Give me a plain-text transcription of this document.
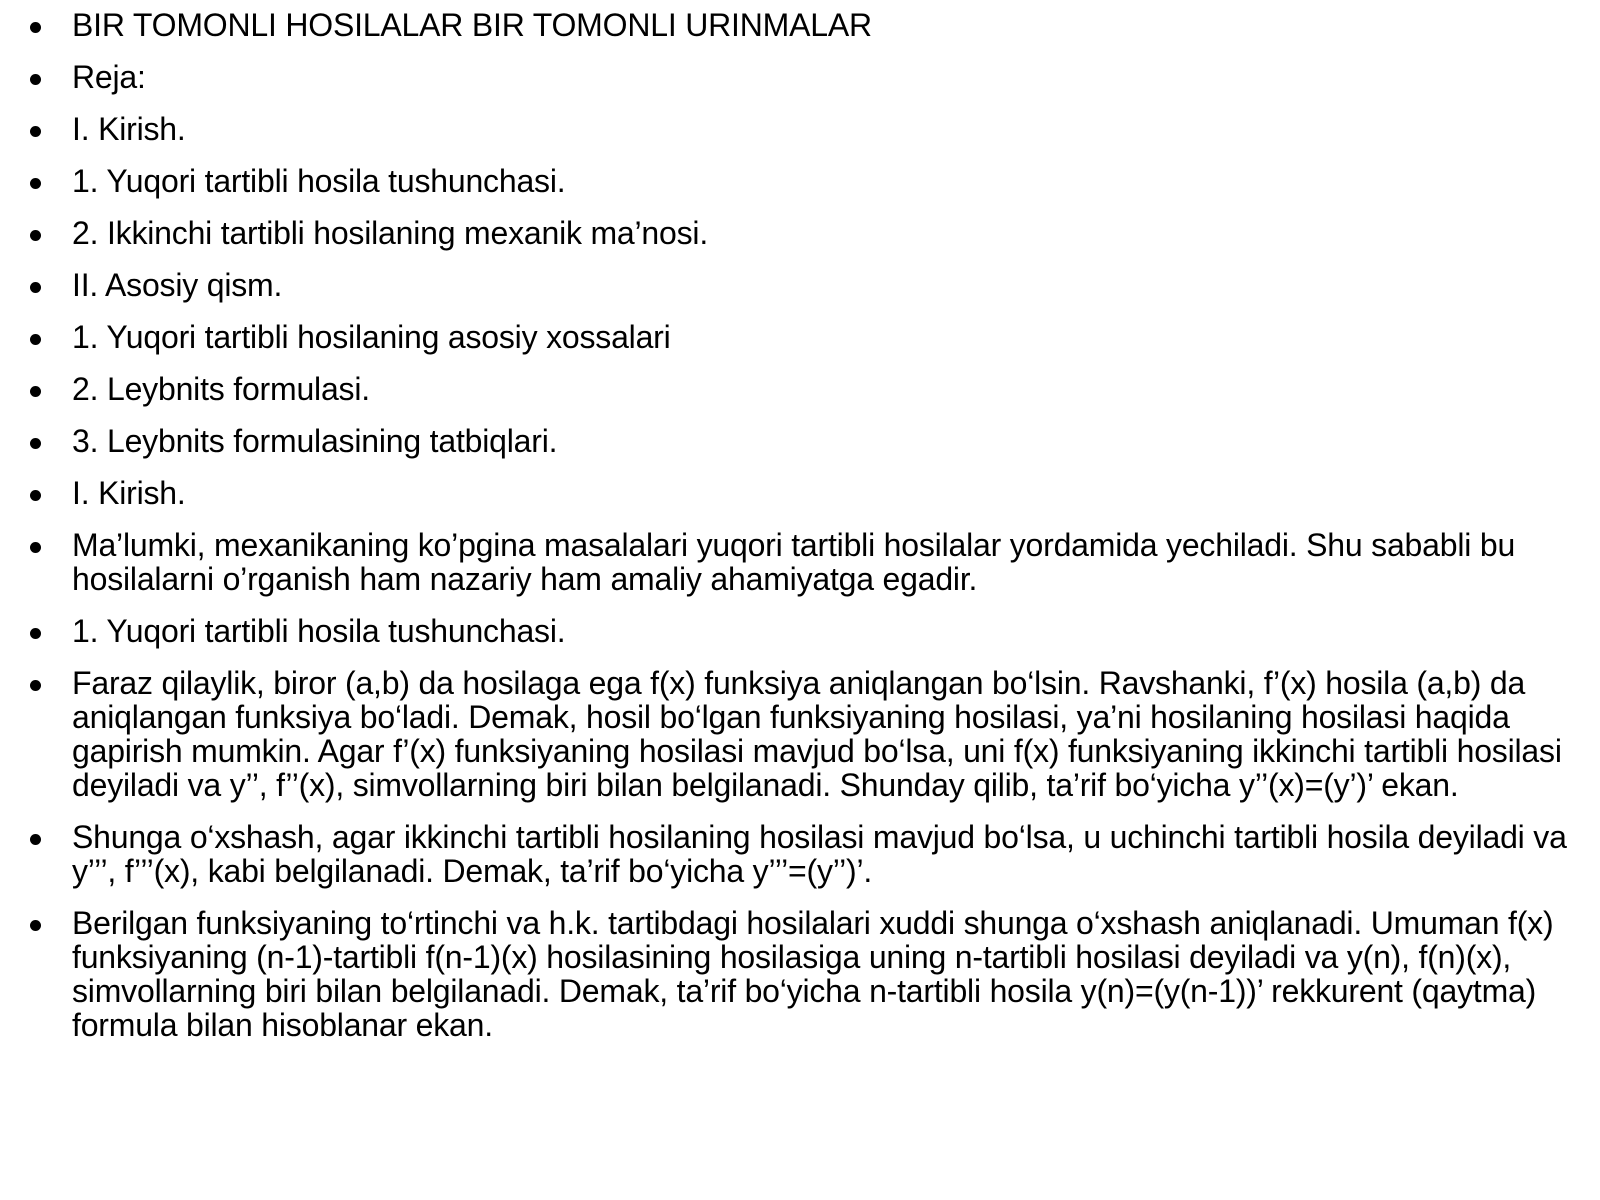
BIR TOMONLI HOSILALAR BIR TOMONLI URINMALAR
Reja:
I. Kirish.
1. Yuqori tartibli hosila tushunchasi.
2. Ikkinchi tartibli hosilaning mexanik ma’nosi.
II. Asosiy qism.
1. Yuqori tartibli hosilaning asosiy xossalari
2. Leybnits formulasi.
3. Leybnits formulasining tatbiqlari.
I. Kirish.
Ma’lumki, mexanikaning ko’pgina masalalari yuqori tartibli hosilalar yordamida yechiladi. Shu sababli bu hosilalarni o’rganish ham nazariy ham amaliy ahamiyatga egadir.
1. Yuqori tartibli hosila tushunchasi.
Faraz qilaylik, biror (a,b) da hosilaga ega f(x) funksiya aniqlangan bo‘lsin. Ravshanki, f’(x) hosila (a,b) da aniqlangan funksiya bo‘ladi. Demak, hosil bo‘lgan funksiyaning hosilasi, ya’ni hosilaning hosilasi haqida gapirish mumkin. Agar f’(x) funksiyaning hosilasi mavjud bo‘lsa, uni f(x) funksiyaning ikkinchi tartibli hosilasi deyiladi va y’’, f’’(x), simvollarning biri bilan belgilanadi. Shunday qilib, ta’rif bo‘yicha y’’(x)=(y’)’ ekan.
Shunga o‘xshash, agar ikkinchi tartibli hosilaning hosilasi mavjud bo‘lsa, u uchinchi tartibli hosila deyiladi va y’’’, f’’’(x), kabi belgilanadi. Demak, ta’rif bo‘yicha y’’’=(y’’)’.
Berilgan funksiyaning to‘rtinchi va h.k. tartibdagi hosilalari xuddi shunga o‘xshash aniqlanadi. Umuman f(x) funksiyaning (n-1)-tartibli f(n-1)(x) hosilasining hosilasiga uning n-tartibli hosilasi deyiladi va y(n), f(n)(x), simvollarning biri bilan belgilanadi. Demak, ta’rif bo‘yicha n-tartibli hosila y(n)=(y(n-1))’ rekkurent (qaytma) formula bilan hisoblanar ekan.
